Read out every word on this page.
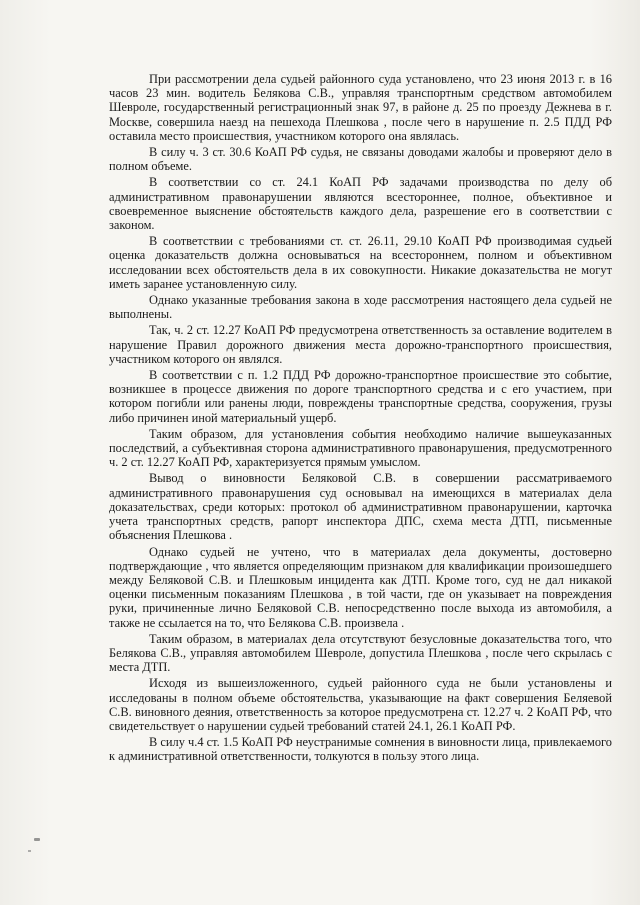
При рассмотрении дела судьей районного суда установлено, что 23 июня 2013 г. в 16 часов 23 мин. водитель Белякова С.В., управляя транспортным средством автомобилем Шевроле, государственный регистрационный знак 97, в районе д. 25 по проезду Дежнева в г. Москве, совершила наезд на пешехода Плешкова , после чего в нарушение п. 2.5 ПДД РФ оставила место происшествия, участником которого она являлась.

В силу ч. 3 ст. 30.6 КоАП РФ судья, не связаны доводами жалобы и проверяют дело в полном объеме.

В соответствии со ст. 24.1 КоАП РФ задачами производства по делу об административном правонарушении являются всестороннее, полное, объективное и своевременное выяснение обстоятельств каждого дела, разрешение его в соответствии с законом.

В соответствии с требованиями ст. ст. 26.11, 29.10 КоАП РФ производимая судьей оценка доказательств должна основываться на всестороннем, полном и объективном исследовании всех обстоятельств дела в их совокупности. Никакие доказательства не могут иметь заранее установленную силу.

Однако указанные требования закона в ходе рассмотрения настоящего дела судьей не выполнены.

Так, ч. 2 ст. 12.27 КоАП РФ предусмотрена ответственность за оставление водителем в нарушение Правил дорожного движения места дорожно-транспортного происшествия, участником которого он являлся.

В соответствии с п. 1.2 ПДД РФ дорожно-транспортное происшествие это событие, возникшее в процессе движения по дороге транспортного средства и с его участием, при котором погибли или ранены люди, повреждены транспортные средства, сооружения, грузы либо причинен иной материальный ущерб.

Таким образом, для установления события необходимо наличие вышеуказанных последствий, а субъективная сторона административного правонарушения, предусмотренного ч. 2 ст. 12.27 КоАП РФ, характеризуется прямым умыслом.

Вывод о виновности Беляковой С.В. в совершении рассматриваемого административного правонарушения суд основывал на имеющихся в материалах дела доказательствах, среди которых: протокол об административном правонарушении, карточка учета транспортных средств, рапорт инспектора ДПС, схема места ДТП, письменные объяснения Плешкова .

Однако судьей не учтено, что в материалах дела документы, достоверно подтверждающие , что является определяющим признаком для квалификации произошедшего между Беляковой С.В. и Плешковым инцидента как ДТП. Кроме того, суд не дал никакой оценки письменным показаниям Плешкова , в той части, где он указывает на повреждения руки, причиненные лично Беляковой С.В. непосредственно после выхода из автомобиля, а также не ссылается на то, что Белякова С.В. произвела .

Таким образом, в материалах дела отсутствуют безусловные доказательства того, что Белякова С.В., управляя автомобилем Шевроле, допустила Плешкова , после чего скрылась с места ДТП.

Исходя из вышеизложенного, судьей районного суда не были установлены и исследованы в полном объеме обстоятельства, указывающие на факт совершения Беляевой С.В. виновного деяния, ответственность за которое предусмотрена ст. 12.27 ч. 2 КоАП РФ, что свидетельствует о нарушении судьей требований статей 24.1, 26.1 КоАП РФ.

В силу ч.4 ст. 1.5 КоАП РФ неустранимые сомнения в виновности лица, привлекаемого к административной ответственности, толкуются в пользу этого лица.
